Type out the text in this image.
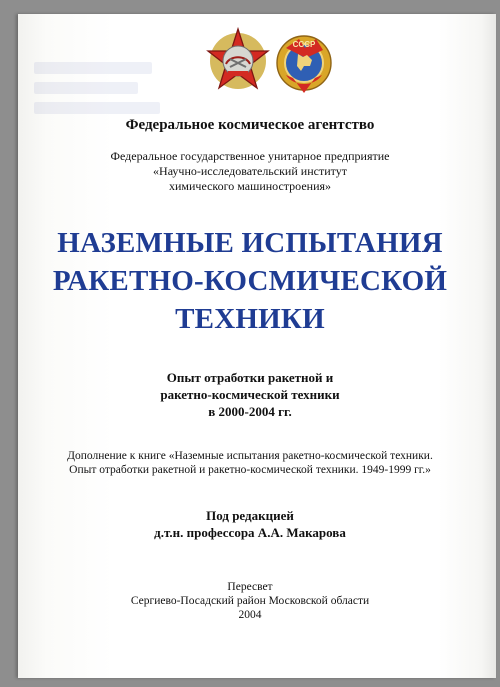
СССР
Федеральное космическое агентство
Федеральное государственное унитарное предприятие
«Научно-исследовательский институт
химического машиностроения»
НАЗЕМНЫЕ ИСПЫТАНИЯ
РАКЕТНО-КОСМИЧЕСКОЙ
ТЕХНИКИ
Опыт отработки ракетной и
ракетно-космической техники
в 2000-2004 гг.
Дополнение к книге «Наземные испытания ракетно-космической техники.
Опыт отработки ракетной и ракетно-космической техники. 1949-1999 гг.»
Под редакцией
д.т.н. профессора А.А. Макарова
Пересвет
Сергиево-Посадский район Московской области
2004
